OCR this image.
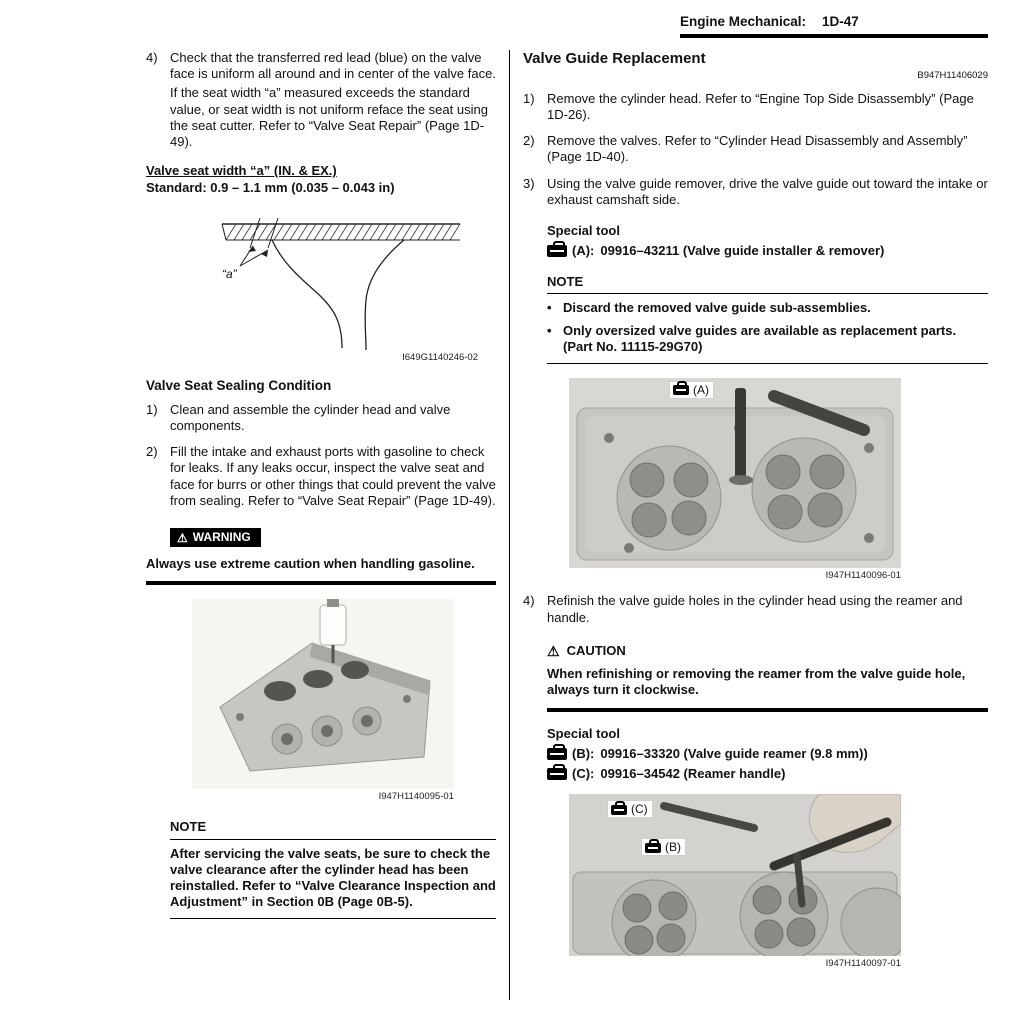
Engine Mechanical: 1D-47
4) Check that the transferred red lead (blue) on the valve face is uniform all around and in center of the valve face.

If the seat width “a” measured exceeds the standard value, or seat width is not uniform reface the seat using the seat cutter. Refer to “Valve Seat Repair” (Page 1D-49).

Valve seat width “a” (IN. & EX.)
Standard: 0.9 – 1.1 mm (0.035 – 0.043 in)
“a”
I649G1140246-02
Valve Seat Sealing Condition
1) Clean and assemble the cylinder head and valve components.

2) Fill the intake and exhaust ports with gasoline to check for leaks. If any leaks occur, inspect the valve seat and face for burrs or other things that could prevent the valve from sealing. Refer to “Valve Seat Repair” (Page 1D-49).

⚠ WARNING

Always use extreme caution when handling gasoline.

I947H1140095-01
NOTE

After servicing the valve seats, be sure to check the valve clearance after the cylinder head has been reinstalled. Refer to “Valve Clearance Inspection and Adjustment” in Section 0B (Page 0B-5).

Valve Guide Replacement
B947H11406029
1) Remove the cylinder head. Refer to “Engine Top Side Disassembly” (Page 1D-26).

2) Remove the valves. Refer to “Cylinder Head Disassembly and Assembly” (Page 1D-40).

3) Using the valve guide remover, drive the valve guide out toward the intake or exhaust camshaft side.

Special tool
(A): 09916–43211 (Valve guide installer & remover)
NOTE
• Discard the removed valve guide sub-assemblies.
• Only oversized valve guides are available as replacement parts. (Part No. 11115-29G70)
(A)
I947H1140096-01
4) Refinish the valve guide holes in the cylinder head using the reamer and handle.

⚠ CAUTION

When refinishing or removing the reamer from the valve guide hole, always turn it clockwise.

Special tool
(B): 09916–33320 (Valve guide reamer (9.8 mm))
(C): 09916–34542 (Reamer handle)
(C)
(B)
I947H1140097-01
